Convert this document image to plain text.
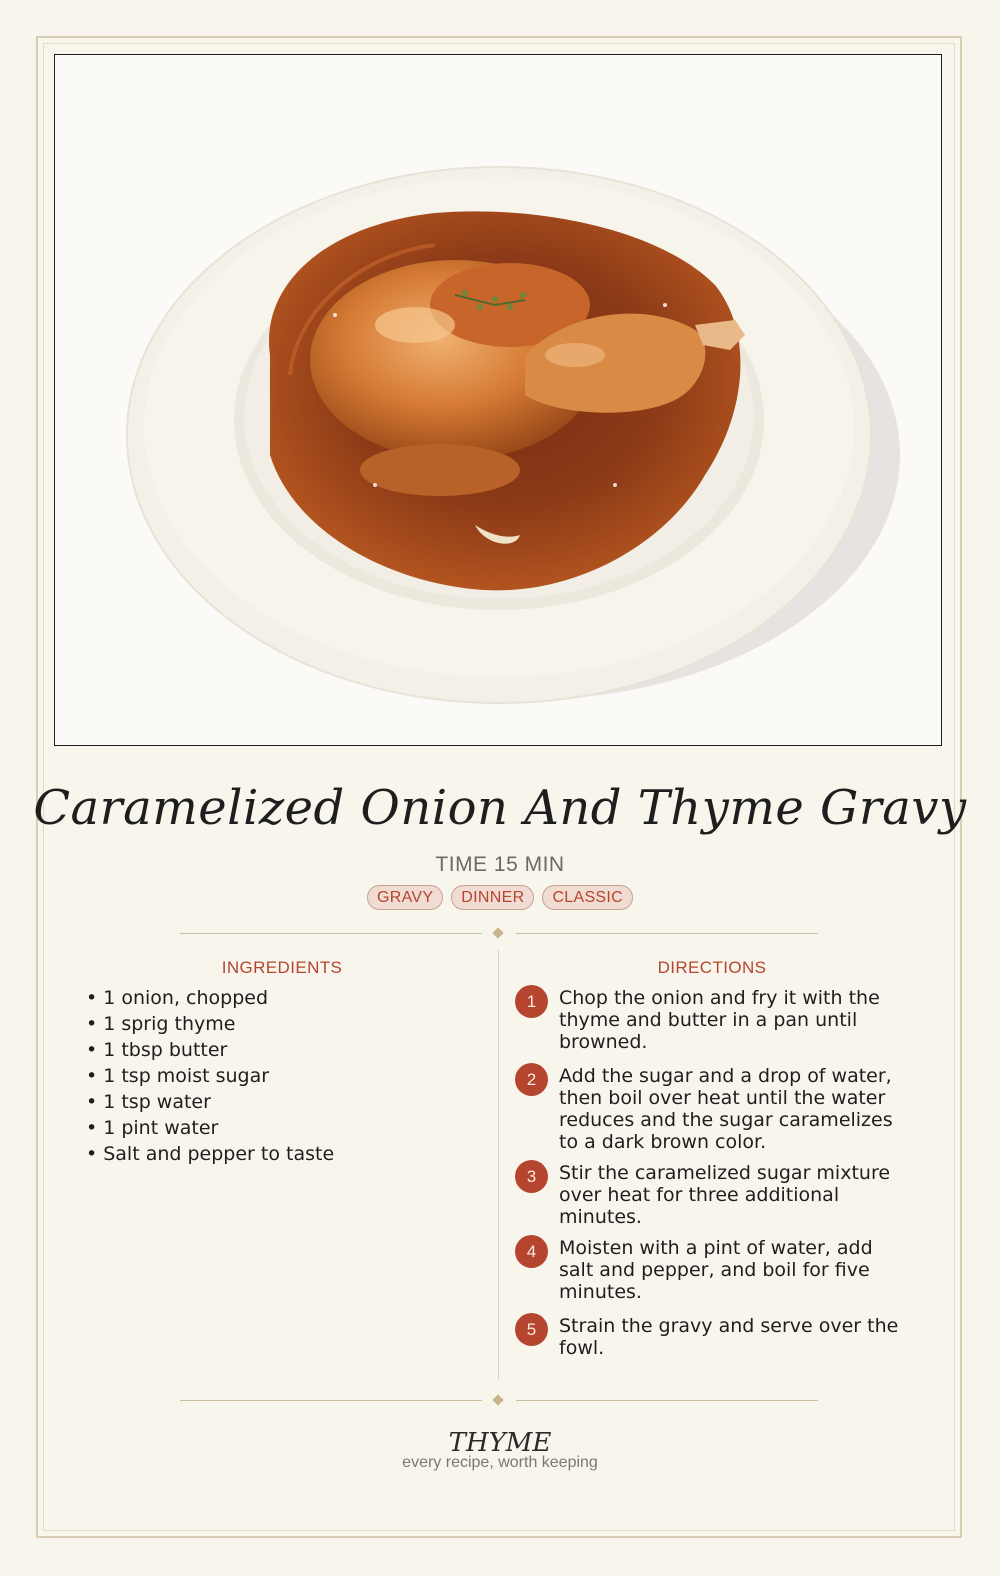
Caramelized Onion And Thyme Gravy
TIME 15 MIN
GRAVY	DINNER	CLASSIC
INGREDIENTS	DIRECTIONS
• 1 onion, chopped
• 1 sprig thyme
• 1 tbsp butter
• 1 tsp moist sugar
• 1 tsp water
• 1 pint water
• Salt and pepper to taste
1	Chop the onion and fry it with the thyme and butter in a pan until browned.
2	Add the sugar and a drop of water, then boil over heat until the water reduces and the sugar caramelizes to a dark brown color.
3	Stir the caramelized sugar mixture over heat for three additional minutes.
4	Moisten with a pint of water, add salt and pepper, and boil for five minutes.
5	Strain the gravy and serve over the fowl.
THYME
every recipe, worth keeping
